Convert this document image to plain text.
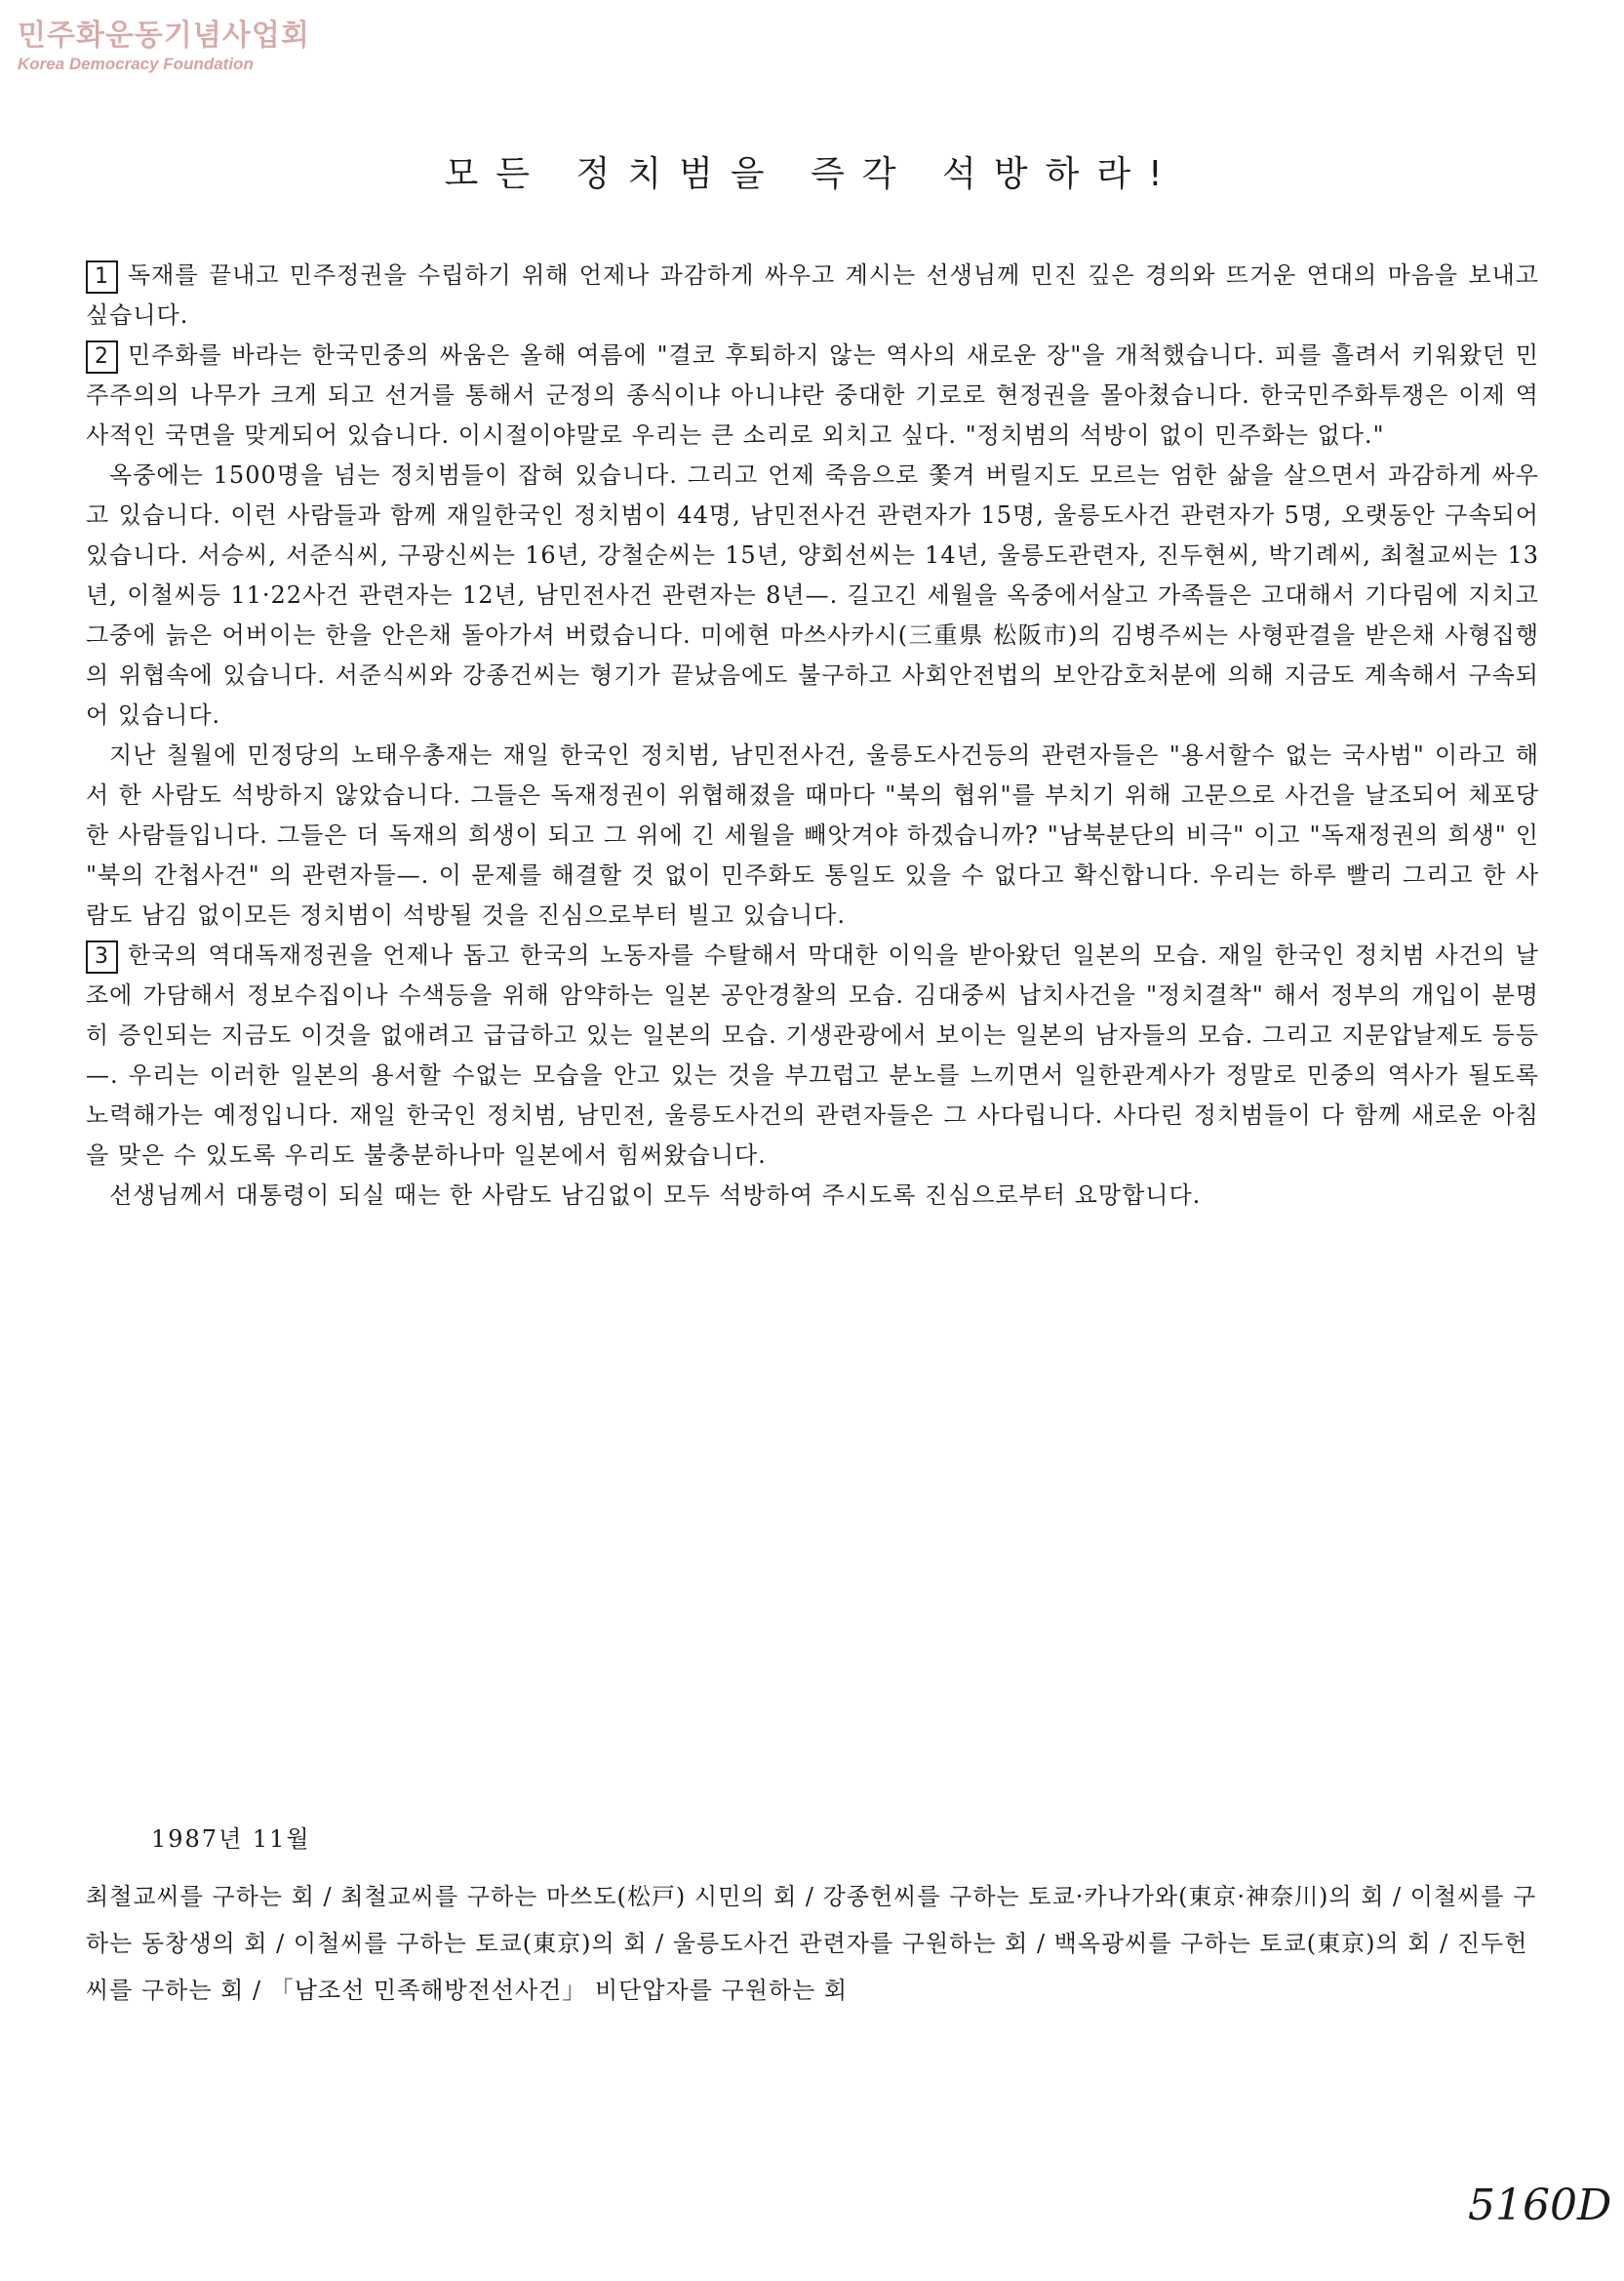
민주화운동기념사업회
Korea Democracy Foundation
모든 정치범을 즉각 석방하라!

1 독재를 끝내고 민주정권을 수립하기 위해 언제나 과감하게 싸우고 계시는 선생님께 민진 깊은 경의와 뜨거운 연대의 마음을 보내고 싶습니다.

2 민주화를 바라는 한국민중의 싸움은 올해 여름에 "결코 후퇴하지 않는 역사의 새로운 장"을 개척했습니다. 피를 흘려서 키워왔던 민주주의의 나무가 크게 되고 선거를 통해서 군정의 종식이냐 아니냐란 중대한 기로로 현정권을 몰아쳤습니다. 한국민주화투쟁은 이제 역사적인 국면을 맞게되어 있습니다. 이시절이야말로 우리는 큰 소리로 외치고 싶다. "정치범의 석방이 없이 민주화는 없다."

옥중에는 1500명을 넘는 정치범들이 잡혀 있습니다. 그리고 언제 죽음으로 쫓겨 버릴지도 모르는 엄한 삶을 살으면서 과감하게 싸우고 있습니다. 이런 사람들과 함께 재일한국인 정치범이 44명, 남민전사건 관련자가 15명, 울릉도사건 관련자가 5명, 오랫동안 구속되어 있습니다. 서승씨, 서준식씨, 구광신씨는 16년, 강철순씨는 15년, 양회선씨는 14년, 울릉도관련자, 진두현씨, 박기례씨, 최철교씨는 13년, 이철씨등 11·22사건 관련자는 12년, 남민전사건 관련자는 8년—. 길고긴 세월을 옥중에서살고 가족들은 고대해서 기다림에 지치고 그중에 늙은 어버이는 한을 안은채 돌아가셔 버렸습니다. 미에현 마쓰사카시(三重県 松阪市)의 김병주씨는 사형판결을 받은채 사형집행의 위협속에 있습니다. 서준식씨와 강종건씨는 형기가 끝났음에도 불구하고 사회안전법의 보안감호처분에 의해 지금도 계속해서 구속되어 있습니다.

지난 칠월에 민정당의 노태우총재는 재일 한국인 정치범, 남민전사건, 울릉도사건등의 관련자들은 "용서할수 없는 국사범" 이라고 해서 한 사람도 석방하지 않았습니다. 그들은 독재정권이 위협해졌을 때마다 "북의 협위"를 부치기 위해 고문으로 사건을 날조되어 체포당한 사람들입니다. 그들은 더 독재의 희생이 되고 그 위에 긴 세월을 빼앗겨야 하겠습니까? "남북분단의 비극" 이고 "독재정권의 희생" 인 "북의 간첩사건" 의 관련자들—. 이 문제를 해결할 것 없이 민주화도 통일도 있을 수 없다고 확신합니다. 우리는 하루 빨리 그리고 한 사람도 남김 없이모든 정치범이 석방될 것을 진심으로부터 빌고 있습니다.

3 한국의 역대독재정권을 언제나 돕고 한국의 노동자를 수탈해서 막대한 이익을 받아왔던 일본의 모습. 재일 한국인 정치범 사건의 날조에 가담해서 정보수집이나 수색등을 위해 암약하는 일본 공안경찰의 모습. 김대중씨 납치사건을 "정치결착" 해서 정부의 개입이 분명히 증인되는 지금도 이것을 없애려고 급급하고 있는 일본의 모습. 기생관광에서 보이는 일본의 남자들의 모습. 그리고 지문압날제도 등등—. 우리는 이러한 일본의 용서할 수없는 모습을 안고 있는 것을 부끄럽고 분노를 느끼면서 일한관계사가 정말로 민중의 역사가 될도록 노력해가는 예정입니다. 재일 한국인 정치범, 남민전, 울릉도사건의 관련자들은 그 사다립니다. 사다린 정치범들이 다 함께 새로운 아침을 맞은 수 있도록 우리도 불충분하나마 일본에서 힘써왔습니다.

선생님께서 대통령이 되실 때는 한 사람도 남김없이 모두 석방하여 주시도록 진심으로부터 요망합니다.

1987년 11월
최철교씨를 구하는 회 / 최철교씨를 구하는 마쓰도(松戸) 시민의 회 / 강종헌씨를 구하는 토쿄·카나가와(東京·神奈川)의 회 / 이철씨를 구하는 동창생의 회 / 이철씨를 구하는 토쿄(東京)의 회 / 울릉도사건 관련자를 구원하는 회 / 백옥광씨를 구하는 토쿄(東京)의 회 / 진두헌씨를 구하는 회 / 「남조선 민족해방전선사건」 비단압자를 구원하는 회
5160D
